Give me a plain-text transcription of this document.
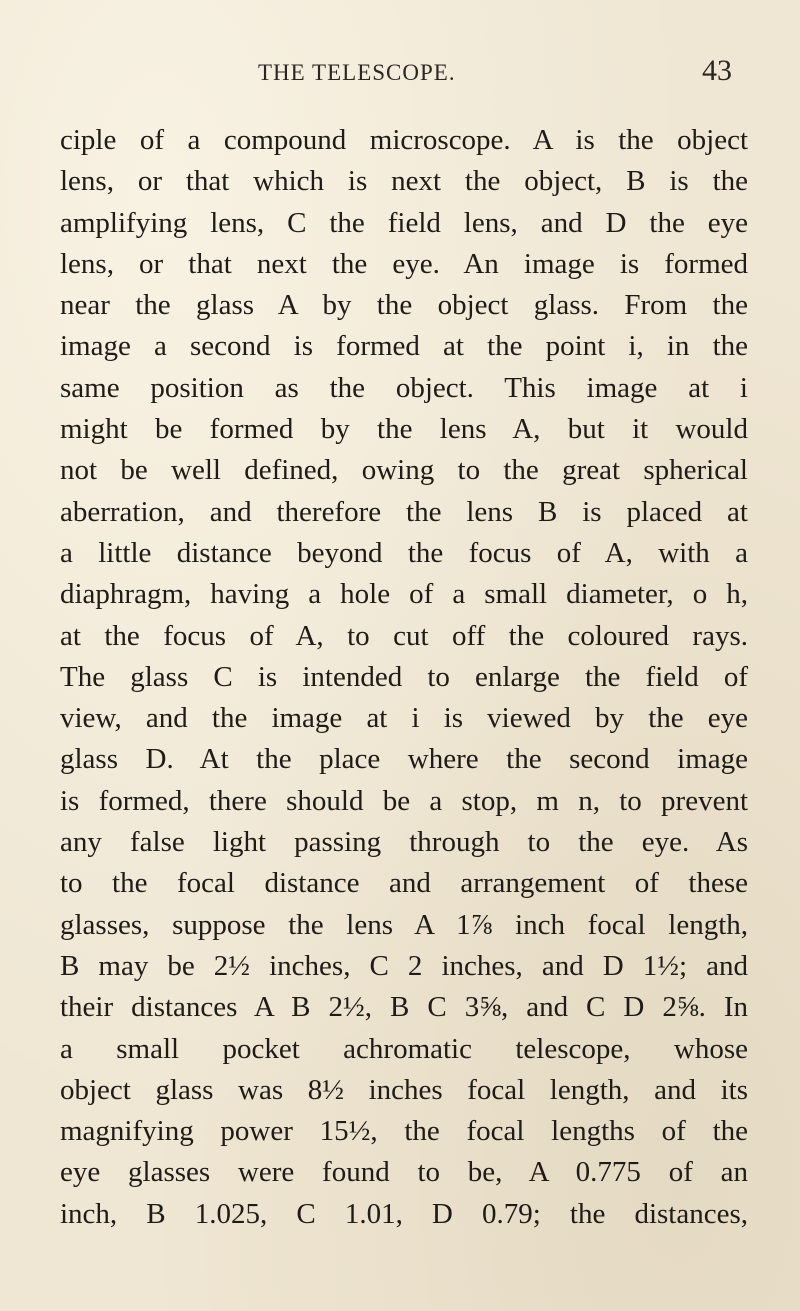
THE TELESCOPE.	43
ciple of a compound microscope. A is the object
lens, or that which is next the object, B is the
amplifying lens, C the field lens, and D the eye
lens, or that next the eye. An image is formed
near the glass A by the object glass. From the
image a second is formed at the point i, in the
same position as the object. This image at i
might be formed by the lens A, but it would
not be well defined, owing to the great spherical
aberration, and therefore the lens B is placed at
a little distance beyond the focus of A, with a
diaphragm, having a hole of a small diameter, o h,
at the focus of A, to cut off the coloured rays.
The glass C is intended to enlarge the field of
view, and the image at i is viewed by the eye
glass D. At the place where the second image
is formed, there should be a stop, m n, to prevent
any false light passing through to the eye. As
to the focal distance and arrangement of these
glasses, suppose the lens A 1⅞ inch focal length,
B may be 2½ inches, C 2 inches, and D 1½; and
their distances A B 2½, B C 3⅝, and C D 2⅝. In
a small pocket achromatic telescope, whose
object glass was 8½ inches focal length, and its
magnifying power 15½, the focal lengths of the
eye glasses were found to be, A 0.775 of an
inch, B 1.025, C 1.01, D 0.79; the distances,
